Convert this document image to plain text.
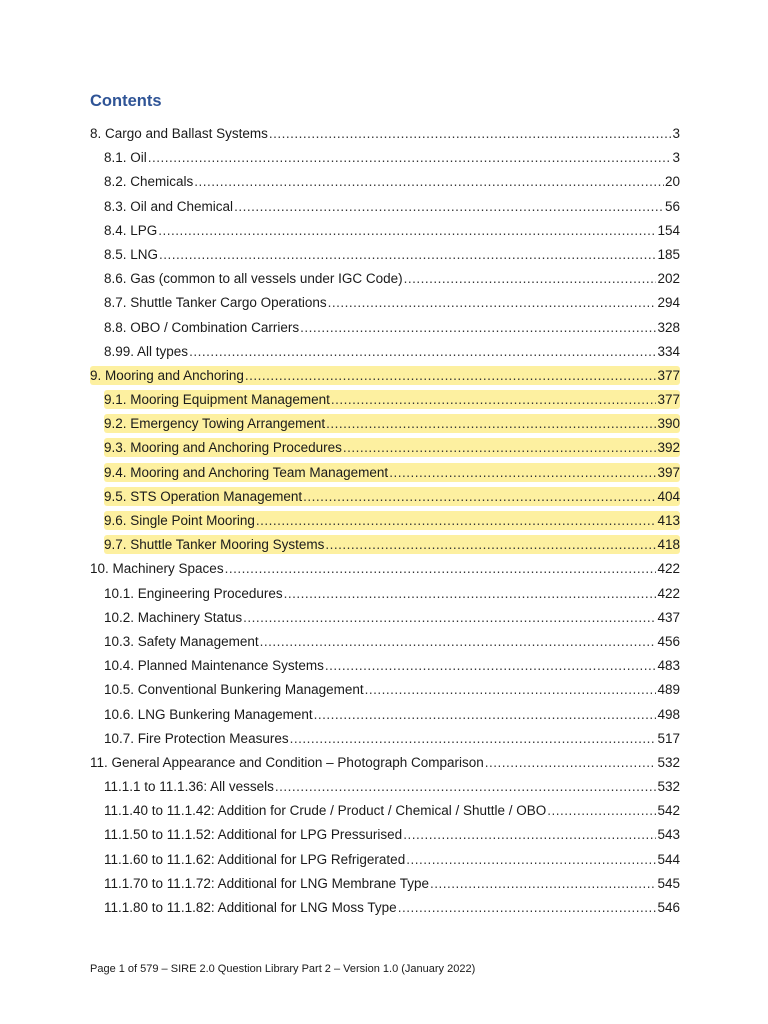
Contents
8. Cargo and Ballast Systems .....	3
8.1. Oil .....	3
8.2. Chemicals .....	20
8.3. Oil and Chemical .....	56
8.4. LPG .....	154
8.5. LNG .....	185
8.6. Gas (common to all vessels under IGC Code) .....	202
8.7. Shuttle Tanker Cargo Operations .....	294
8.8. OBO / Combination Carriers .....	328
8.99. All types .....	334
9. Mooring and Anchoring .....	377
9.1. Mooring Equipment Management .....	377
9.2. Emergency Towing Arrangement .....	390
9.3. Mooring and Anchoring Procedures .....	392
9.4. Mooring and Anchoring Team Management .....	397
9.5. STS Operation Management .....	404
9.6. Single Point Mooring .....	413
9.7. Shuttle Tanker Mooring Systems .....	418
10. Machinery Spaces .....	422
10.1. Engineering Procedures .....	422
10.2. Machinery Status .....	437
10.3. Safety Management .....	456
10.4. Planned Maintenance Systems .....	483
10.5. Conventional Bunkering Management .....	489
10.6. LNG Bunkering Management .....	498
10.7. Fire Protection Measures .....	517
11. General Appearance and Condition – Photograph Comparison .....	532
11.1.1 to 11.1.36: All vessels .....	532
11.1.40 to 11.1.42: Addition for Crude / Product / Chemical / Shuttle / OBO .....	542
11.1.50 to 11.1.52: Additional for LPG Pressurised .....	543
11.1.60 to 11.1.62: Additional for LPG Refrigerated .....	544
11.1.70 to 11.1.72: Additional for LNG Membrane Type .....	545
11.1.80 to 11.1.82: Additional for LNG Moss Type .....	546
Page 1 of 579 – SIRE 2.0 Question Library Part 2 – Version 1.0 (January 2022)
